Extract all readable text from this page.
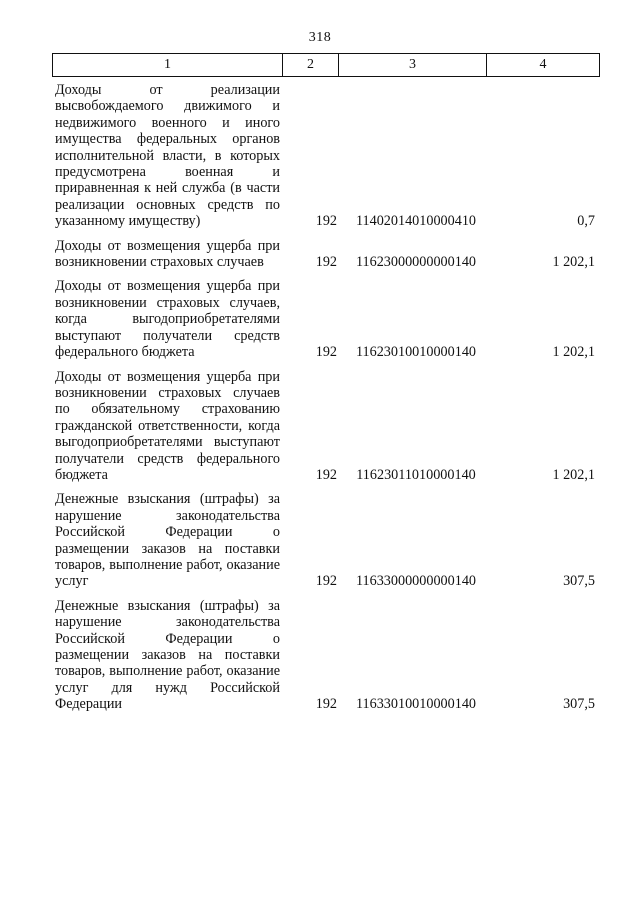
318
1	2	3	4
Доходы от реализации высвобождаемого движимого и недвижимого военного и иного имущества федеральных органов исполнительной власти, в которых предусмотрена военная и приравненная к ней служба (в части реализации основных средств по указанному имуществу)	192	11402014010000410	0,7
Доходы от возмещения ущерба при возникновении страховых случаев	192	11623000000000140	1 202,1
Доходы от возмещения ущерба при возникновении страховых случаев, когда выгодоприобретателями выступают получатели средств федерального бюджета	192	11623010010000140	1 202,1
Доходы от возмещения ущерба при возникновении страховых случаев по обязательному страхованию гражданской ответственности, когда выгодоприобретателями выступают получатели средств федерального бюджета	192	11623011010000140	1 202,1
Денежные взыскания (штрафы) за нарушение законодательства Российской Федерации о размещении заказов на поставки товаров, выполнение работ, оказание услуг	192	11633000000000140	307,5
Денежные взыскания (штрафы) за нарушение законодательства Российской Федерации о размещении заказов на поставки товаров, выполнение работ, оказание услуг для нужд Российской Федерации	192	11633010010000140	307,5
